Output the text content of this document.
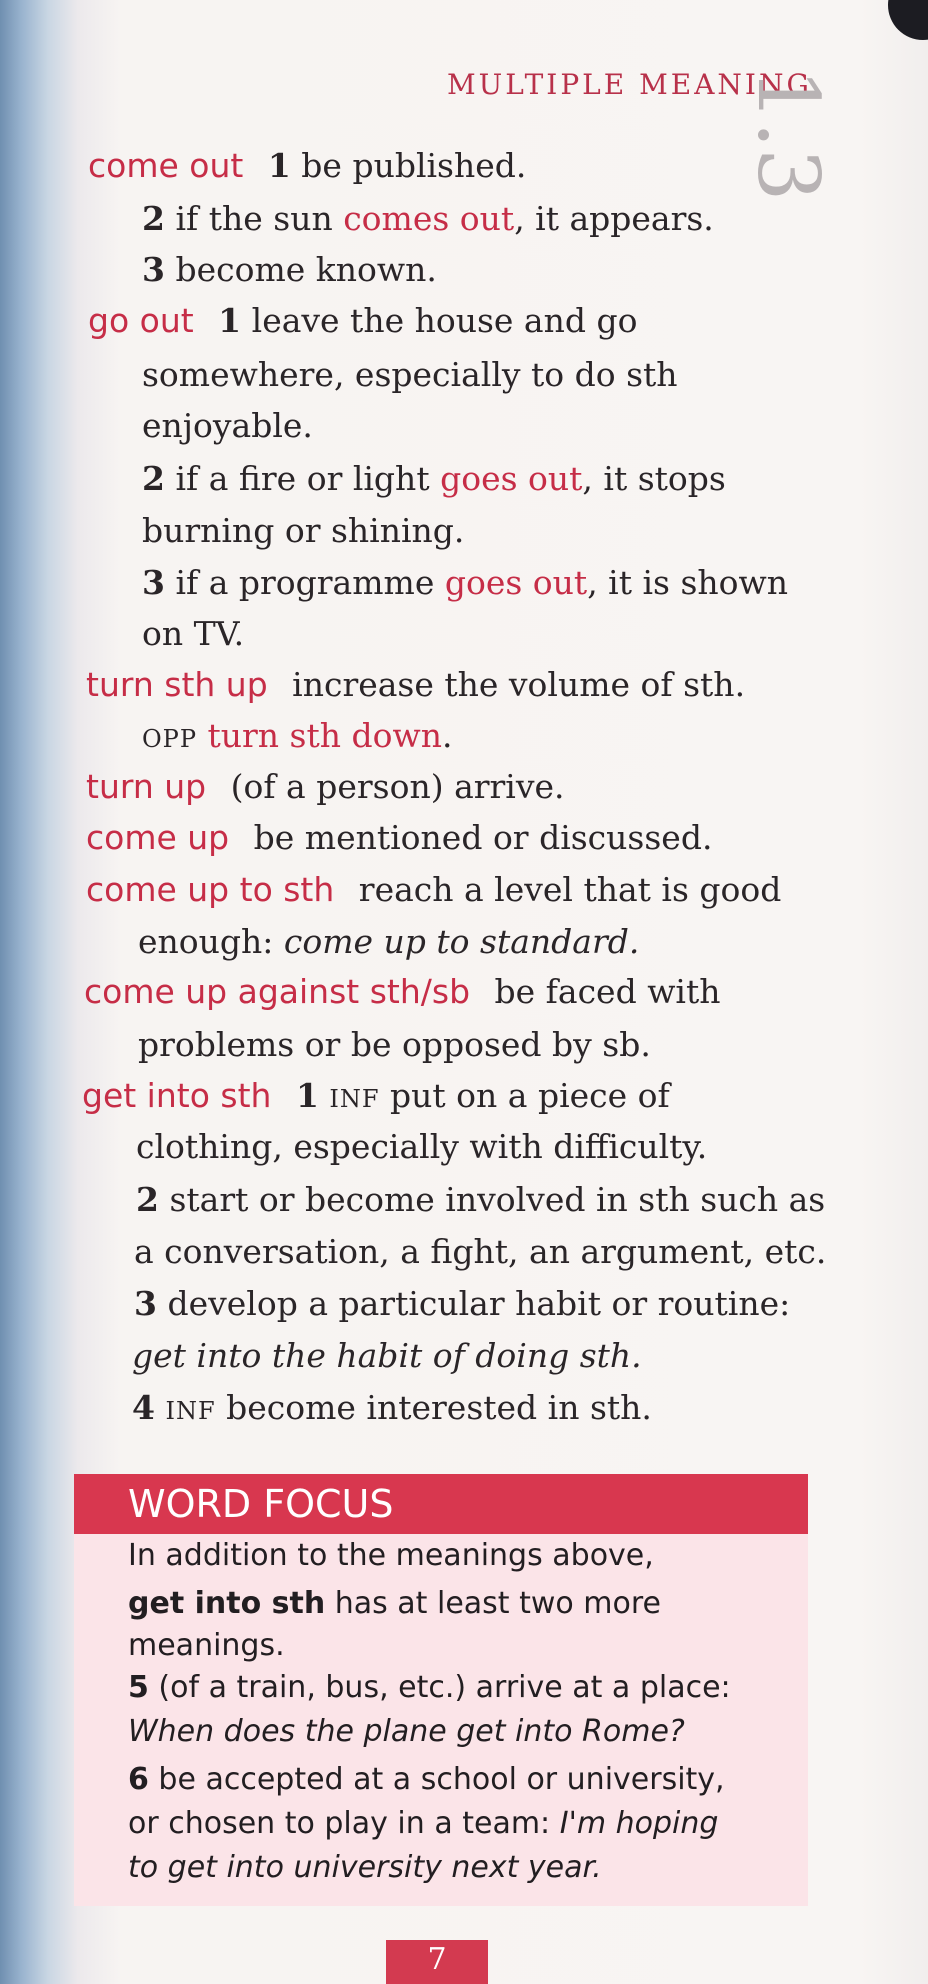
MULTIPLE MEANING
1.3
come out 1 be published.
2 if the sun comes out, it appears.
3 become known.
go out 1 leave the house and go
somewhere, especially to do sth
enjoyable.
2 if a fire or light goes out, it stops
burning or shining.
3 if a programme goes out, it is shown
on TV.
turn sth up increase the volume of sth.
OPP turn sth down.
turn up (of a person) arrive.
come up be mentioned or discussed.
come up to sth reach a level that is good
enough: come up to standard.
come up against sth/sb be faced with
problems or be opposed by sb.
get into sth 1 INF put on a piece of
clothing, especially with difficulty.
2 start or become involved in sth such as
a conversation, a fight, an argument, etc.
3 develop a particular habit or routine:
get into the habit of doing sth.
4 INF become interested in sth.
WORD FOCUS
In addition to the meanings above,
get into sth has at least two more
meanings.
5 (of a train, bus, etc.) arrive at a place:
When does the plane get into Rome?
6 be accepted at a school or university,
or chosen to play in a team: I'm hoping
to get into university next year.
7
